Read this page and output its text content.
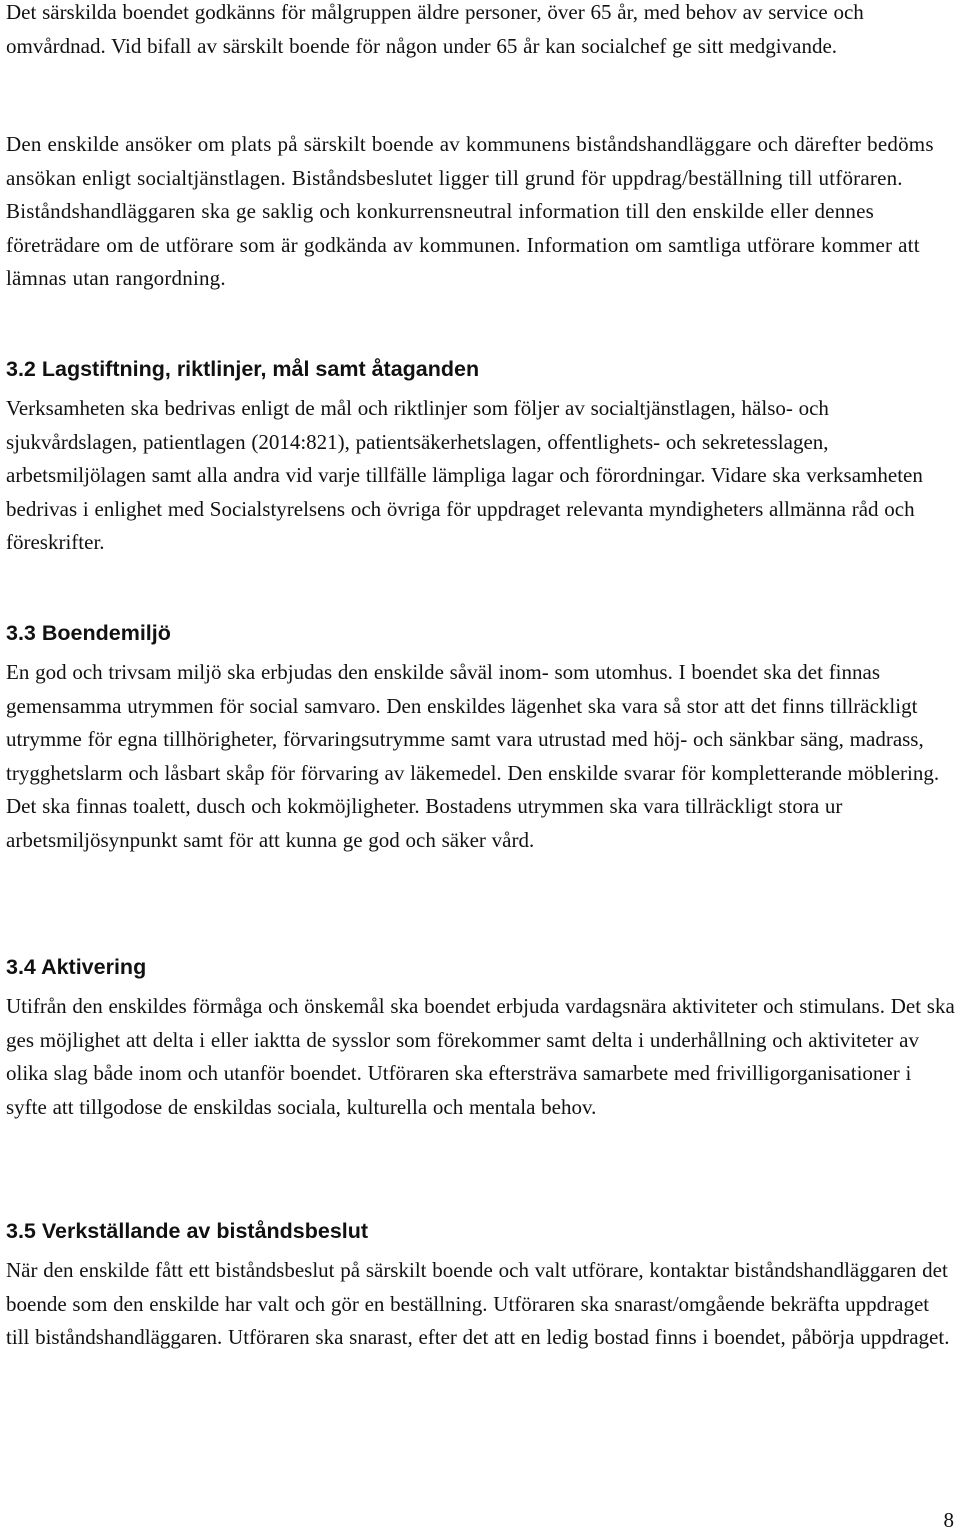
Det särskilda boendet godkänns för målgruppen äldre personer, över 65 år, med behov av service och omvårdnad. Vid bifall av särskilt boende för någon under 65 år kan socialchef ge sitt medgivande.

Den enskilde ansöker om plats på särskilt boende av kommunens biståndshandläggare och därefter bedöms ansökan enligt socialtjänstlagen. Biståndsbeslutet ligger till grund för uppdrag/beställning till utföraren. Biståndshandläggaren ska ge saklig och konkurrensneutral information till den enskilde eller dennes företrädare om de utförare som är godkända av kommunen. Information om samtliga utförare kommer att lämnas utan rangordning.

3.2 Lagstiftning, riktlinjer, mål samt åtaganden

Verksamheten ska bedrivas enligt de mål och riktlinjer som följer av socialtjänstlagen, hälso- och sjukvårdslagen, patientlagen (2014:821), patientsäkerhetslagen, offentlighets- och sekretesslagen, arbetsmiljölagen samt alla andra vid varje tillfälle lämpliga lagar och förordningar. Vidare ska verksamheten bedrivas i enlighet med Socialstyrelsens och övriga för uppdraget relevanta myndigheters allmänna råd och föreskrifter.

3.3 Boendemiljö

En god och trivsam miljö ska erbjudas den enskilde såväl inom- som utomhus. I boendet ska det finnas gemensamma utrymmen för social samvaro. Den enskildes lägenhet ska vara så stor att det finns tillräckligt utrymme för egna tillhörigheter, förvaringsutrymme samt vara utrustad med höj- och sänkbar säng, madrass, trygghetslarm och låsbart skåp för förvaring av läkemedel. Den enskilde svarar för kompletterande möblering. Det ska finnas toalett, dusch och kokmöjligheter. Bostadens utrymmen ska vara tillräckligt stora ur arbetsmiljösynpunkt samt för att kunna ge god och säker vård.

3.4 Aktivering

Utifrån den enskildes förmåga och önskemål ska boendet erbjuda vardagsnära aktiviteter och stimulans. Det ska ges möjlighet att delta i eller iaktta de sysslor som förekommer samt delta i underhållning och aktiviteter av olika slag både inom och utanför boendet. Utföraren ska eftersträva samarbete med frivilligorganisationer i syfte att tillgodose de enskildas sociala, kulturella och mentala behov.

3.5 Verkställande av biståndsbeslut

När den enskilde fått ett biståndsbeslut på särskilt boende och valt utförare, kontaktar biståndshandläggaren det boende som den enskilde har valt och gör en beställning. Utföraren ska snarast/omgående bekräfta uppdraget till biståndshandläggaren. Utföraren ska snarast, efter det att en ledig bostad finns i boendet, påbörja uppdraget.

8
